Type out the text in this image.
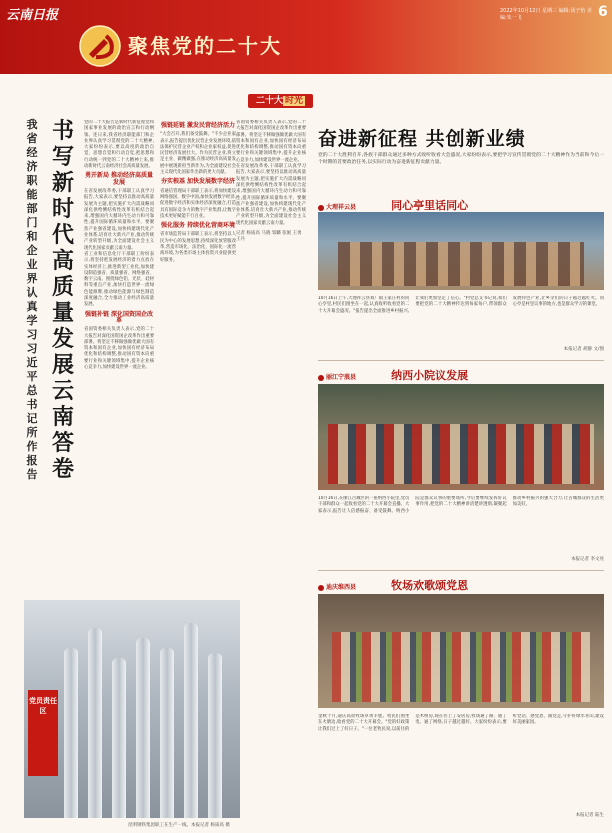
云南日报
聚焦党的二十大
2022年10月12日 星期三 编辑:汤子怡 美编:朱一飞	6
二十大 时光
我省经济职能部门和企业界认真学习习近平总书记所作报告
书写新时代高质量发展云南答卷
党的二十大报告是新时代新征程党和国家事业发展的政治宣言和行动纲领。连日来,我省经济职能部门和企业界认真学习贯彻党的二十大精神,大家纷纷表示,要以高度的政治自觉、思想自觉和行动自觉,把思想和行动统一到党的二十大精神上来,推动新时代云南经济社会高质量发展。
勇开新局 推动经济高质量发展
在省发展改革委,干部职工认真学习报告,大家表示,要坚持以推动高质量发展为主题,把实施扩大内需战略同深化供给侧结构性改革有机结合起来,增强国内大循环内生动力和可靠性,提升国际循环质量和水平。要聚焦产业强省建设,加快构建现代化产业体系,培育壮大新兴产业,推动传统产业转型升级,为全面建设社会主义现代化国家贡献云南力量。
省工业和信息化厅干部职工纷纷表示,将坚持把发展经济的着力点放在实体经济上,推进新型工业化,加快建设制造强省、质量强省、网络强省、数字云南。围绕绿色铝、光伏、硅材料等重点产业,加快打造世界一流绿色能源牌,推动绿色能源与绿色制造深度融合,全力推动工业经济高质量发展。
强链补链 深化国资国企改革
省国资委相关负责人表示,党的二十大报告对深化国资国企改革作出重要部署。将坚定不移做强做优做大国有资本和国有企业,加快国有经济布局优化和结构调整,推动国有资本向重要行业和关键领域集中,提升企业核心竞争力,加快建设世界一流企业。
强链延链 激发民营经济活力
"大会召开,我们备受鼓舞。"不少企业家表示,报告提出优化民营企业发展环境,依法保护民营企业产权和企业家权益,促进民营经济发展壮大。作为民营企业,将立足主业、做精做强,在推动经济高质量发展中展现新担当新作为,为全面建设社会主义现代化国家作出新的更大贡献。
夯实根基 加快发展数字经济
省通信管理局干部职工表示,将加快建设网络强国、数字中国,加快发展数字经济,促进数字经济和实体经济深度融合,打造具有国际竞争力的数字产业集群,让数字技术更好赋能千行百业。
强化服务 持续优化营商环境
省市场监管局干部职工表示,将坚持以人民为中心的发展思想,持续深化放管服改革,营造市场化、法治化、国际化一流营商环境,为各类市场主体投资兴业提供更好服务。
省国资委相关负责人表示,党的二十大报告对深化国资国企改革作出重要部署。将坚定不移做强做优做大国有资本和国有企业,加快国有经济布局优化和结构调整,推动国有资本向重要行业和关键领域集中,提升企业核心竞争力,加快建设世界一流企业。
在省发展改革委,干部职工认真学习报告,大家表示,要坚持以推动高质量发展为主题,把实施扩大内需战略同深化供给侧结构性改革有机结合起来,增强国内大循环内生动力和可靠性,提升国际循环质量和水平。要聚焦产业强省建设,加快构建现代化产业体系,培育壮大新兴产业,推动传统产业转型升级,为全面建设社会主义现代化国家贡献云南力量。
记者 杨质高 马晓 邹麟 张妮 王勇 王丹
党员责任区
昆明钢铁集团职工在生产一线。本报记者 杨质高 摄
奋进新征程 共创新业绩
党的二十大胜利召开,各族干部群众通过多种方式收听收看大会盛况,大家纷纷表示,要把学习宣传贯彻党的二十大精神作为当前和今后一个时期的首要政治任务,以实际行动为奋进新征程贡献力量。
大理祥云县	同心亭里话同心
10月16日上午,大理祥云县刘厂镇王家庄村的同心亭里,村民们围坐在一起,认真收听收看党的二十大开幕会盛况。"报告提出全面推进乡村振兴,让我们更加坚定了信心。"村党总支书记说,我们要把党的二十大精神传达到每家每户,带领群众发展特色产业,让乡亲们的日子越过越红火。同心亭是村里议事的地方,也是群众学习的课堂。
本报记者 胡静 文/图
丽江宁蒗县	纳西小院议发展
10月16日,在丽江古城区的一座纳西小院里,党员干部和群众一起收看党的二十大开幕会直播。大家表示,报告让人倍感振奋、备受鼓舞。纳西小院是群众议事的重要场所,今后要继续发挥好议事作用,把党的二十大精神讲清楚讲透彻,凝聚起推动乡村振兴的强大合力,让古城群众的生活更加美好。
本报记者 李文亮
迪庆维西县	牧场欢歌颂党恩
金秋十月,迪庆高原牧场草黄羊肥。牧民们围坐在火塘边,收看党的二十大开幕会。"党的好政策让我们过上了好日子。"一位老牧民说,以前住的是木楞房,现在住上了安居房,牧场通了路、通了电、通了网络,日子越过越好。大家纷纷表示,要听党话、感党恩、跟党走,守护好绿水青山,建设好美丽家园。
本报记者 陆生
